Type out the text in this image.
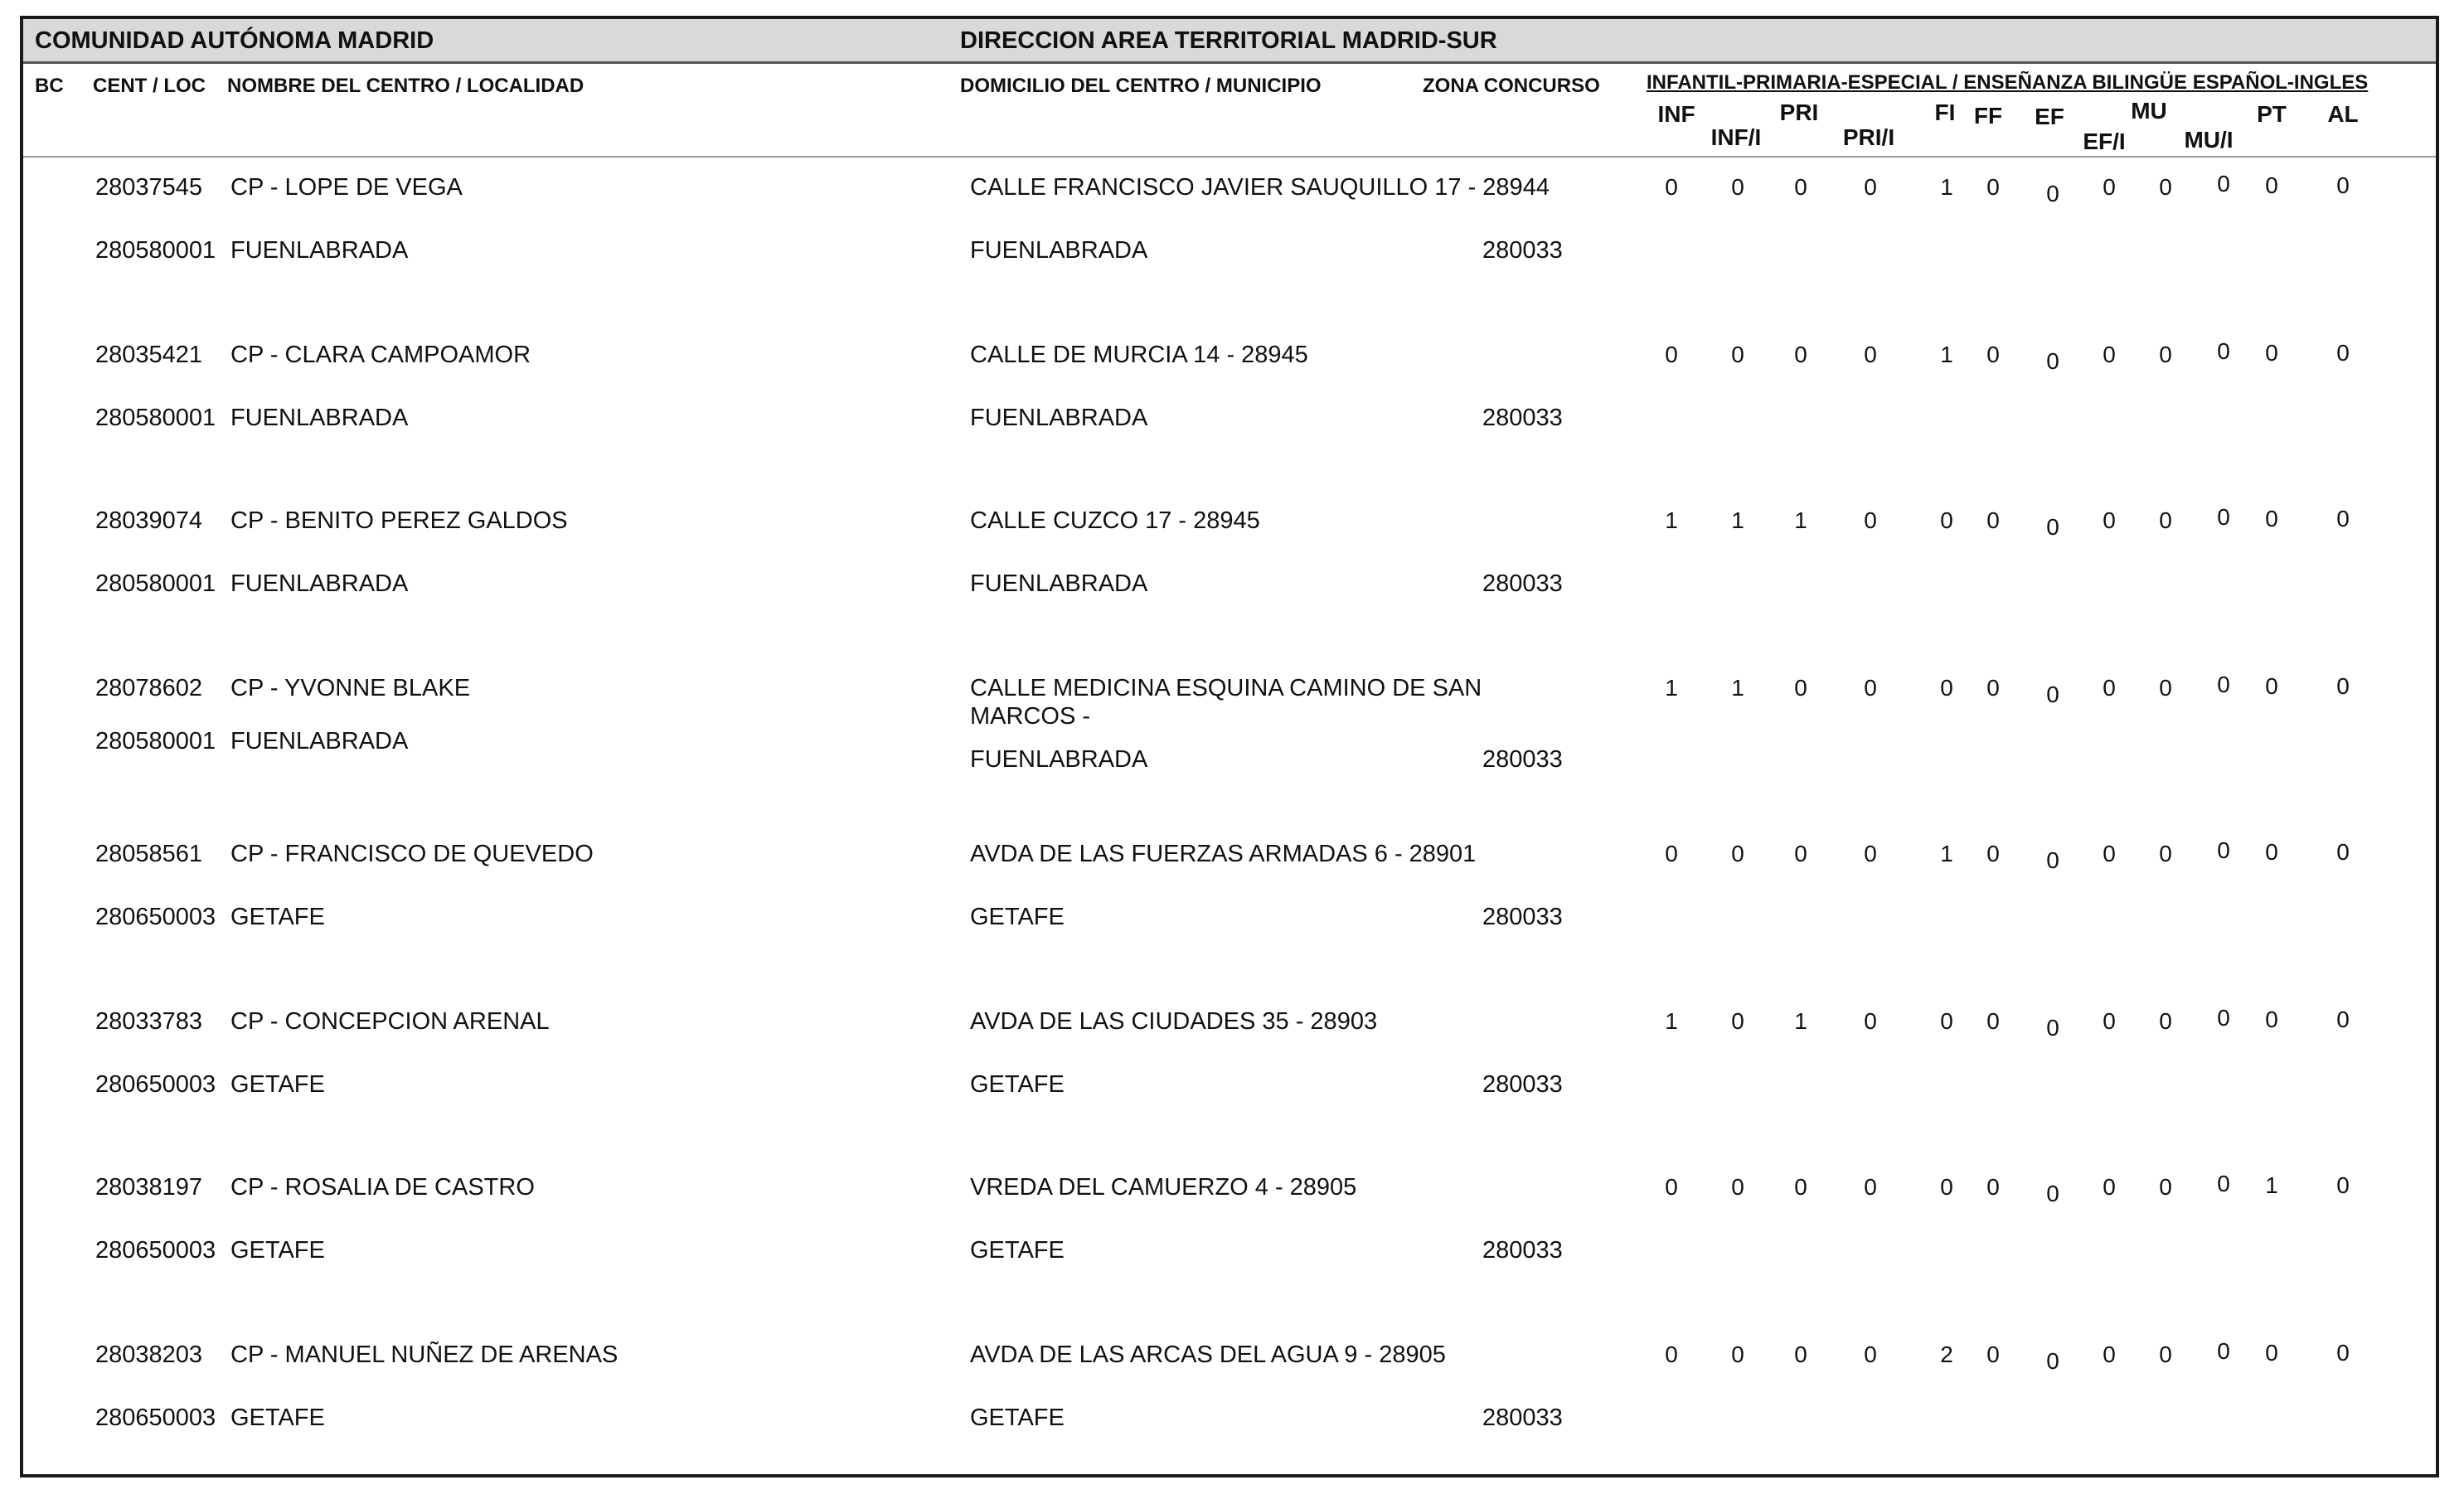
COMUNIDAD AUTÓNOMA MADRID	DIRECCION AREA TERRITORIAL MADRID-SUR
BC CENT / LOC NOMBRE DEL CENTRO / LOCALIDAD	DOMICILIO DEL CENTRO / MUNICIPIO	ZONA CONCURSO INFANTIL-PRIMARIA-ESPECIAL / ENSEÑANZA BILINGÜE ESPAÑOL-INGLES
INF
INF/I
PRI
PRI/I
FI FF	EF
EF/I
MU
MU/I
PT	AL
28037545 CP - LOPE DE VEGA	CALLE FRANCISCO JAVIER SAUQUILLO 17 - 28944
280580001 FUENLABRADA	FUENLABRADA	280033
0	0	0	0	1	0	0	0	0	0	0	0
28035421 CP - CLARA CAMPOAMOR	CALLE DE MURCIA 14 - 28945
280580001 FUENLABRADA	FUENLABRADA	280033
0	0	0	0	1	0	0	0	0	0	0	0
28039074 CP - BENITO PEREZ GALDOS	CALLE CUZCO 17 - 28945
280580001 FUENLABRADA	FUENLABRADA	280033
1	1	1	0	0	0	0	0	0	0	0	0
28078602 CP - YVONNE BLAKE	CALLE MEDICINA ESQUINA CAMINO DE SAN
MARCOS -
280580001 FUENLABRADA
FUENLABRADA	280033
1	1	0	0	0	0	0	0	0	0	0	0
28058561 CP - FRANCISCO DE QUEVEDO	AVDA DE LAS FUERZAS ARMADAS 6 - 28901
280650003 GETAFE	GETAFE	280033
0	0	0	0	1	0	0	0	0	0	0	0
28033783 CP - CONCEPCION ARENAL	AVDA DE LAS CIUDADES 35 - 28903
280650003 GETAFE	GETAFE	280033
1	0	1	0	0	0	0	0	0	0	0	0
28038197 CP - ROSALIA DE CASTRO	VREDA DEL CAMUERZO 4 - 28905
280650003 GETAFE	GETAFE	280033
0	0	0	0	0	0	0	0	0	0	1	0
28038203 CP - MANUEL NUÑEZ DE ARENAS	AVDA DE LAS ARCAS DEL AGUA 9 - 28905
280650003 GETAFE	GETAFE	280033
0	0	0	0	2	0	0	0	0	0	0	0
